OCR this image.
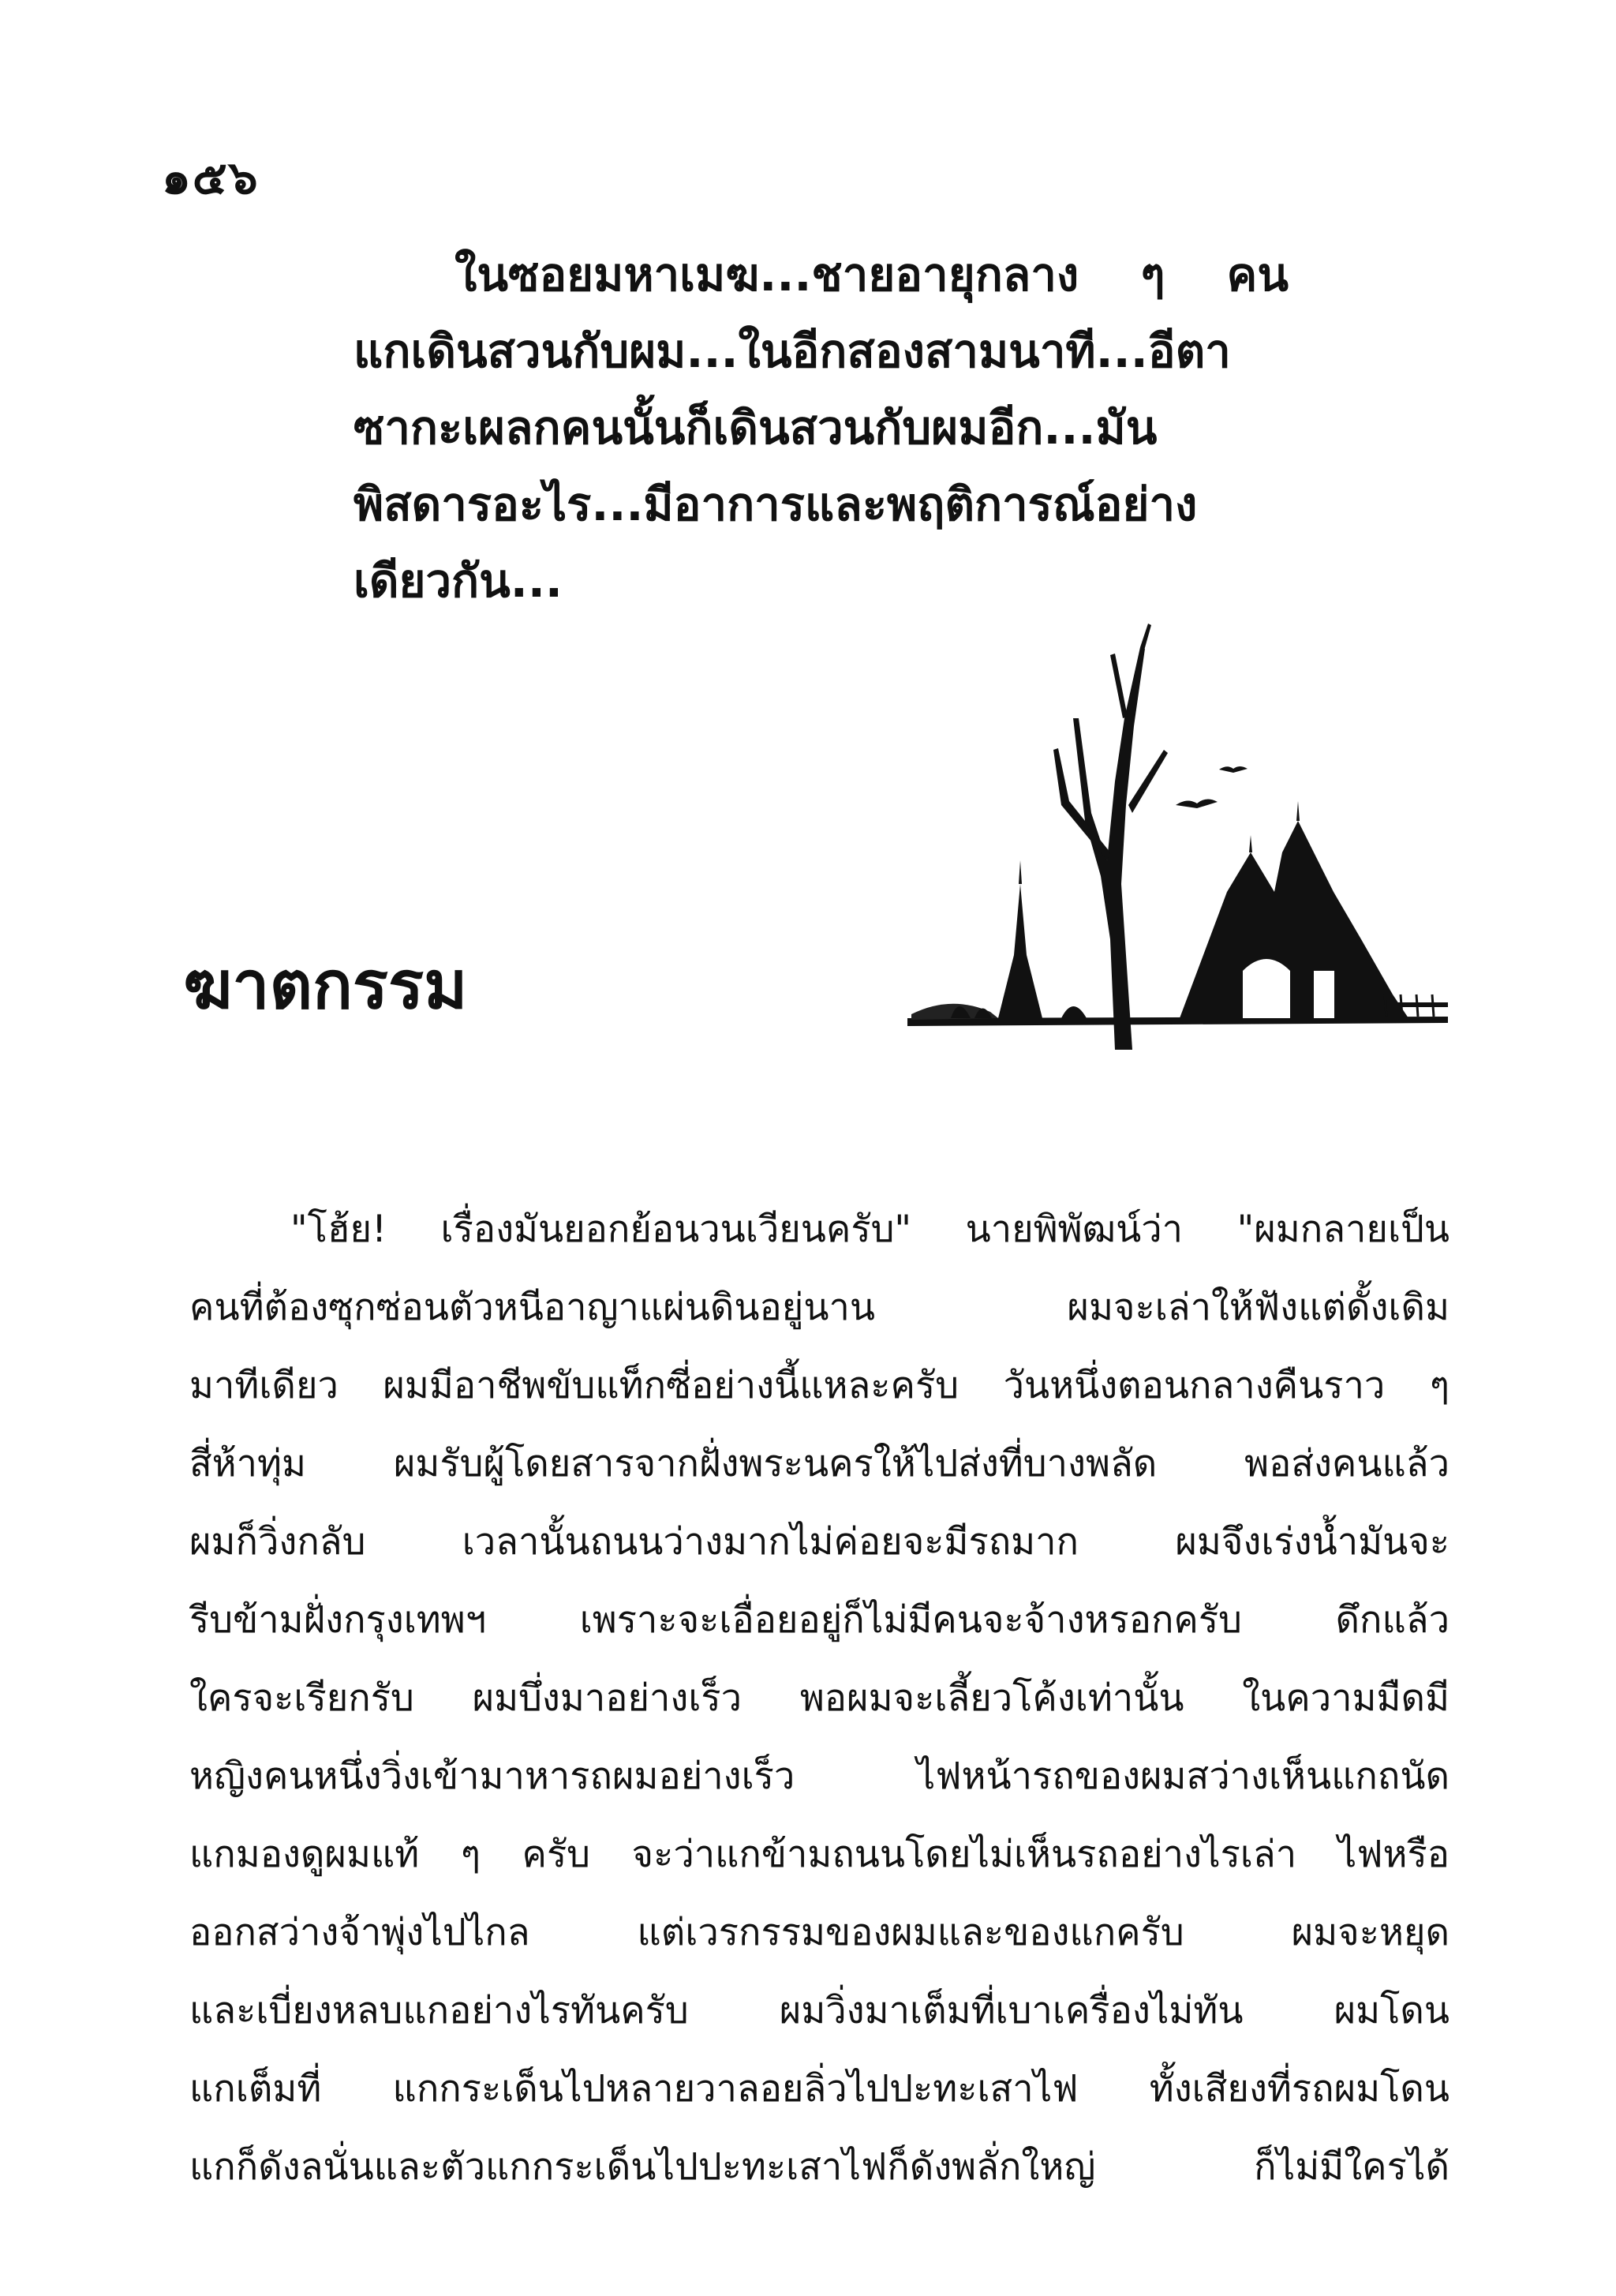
๑๕๖
ในซอยมหาเมฆ...ชายอายุกลาง ๆ คน
แกเดินสวนกับผม...ในอีกสองสามนาที...อีตา
ซากะเผลกคนนั้นก็เดินสวนกับผมอีก...มัน
พิสดารอะไร...มีอาการและพฤติการณ์อย่าง
เดียวกัน...
ฆาตกรรม
"โฮ้ย! เรื่องมันยอกย้อนวนเวียนครับ" นายพิพัฒน์ว่า "ผมกลายเป็น
คนที่ต้องซุกซ่อนตัวหนีอาญาแผ่นดินอยู่นาน ผมจะเล่าให้ฟังแต่ดั้งเดิม
มาทีเดียว ผมมีอาชีพขับแท็กซี่อย่างนี้แหละครับ วันหนึ่งตอนกลางคืนราว ๆ
สี่ห้าทุ่ม ผมรับผู้โดยสารจากฝั่งพระนครให้ไปส่งที่บางพลัด พอส่งคนแล้ว
ผมก็วิ่งกลับ เวลานั้นถนนว่างมากไม่ค่อยจะมีรถมาก ผมจึงเร่งน้ำมันจะ
รีบข้ามฝั่งกรุงเทพฯ เพราะจะเอื่อยอยู่ก็ไม่มีคนจะจ้างหรอกครับ ดึกแล้ว
ใครจะเรียกรับ ผมบึ่งมาอย่างเร็ว พอผมจะเลี้ยวโค้งเท่านั้น ในความมืดมี
หญิงคนหนึ่งวิ่งเข้ามาหารถผมอย่างเร็ว ไฟหน้ารถของผมสว่างเห็นแกถนัด
แกมองดูผมแท้ ๆ ครับ จะว่าแกข้ามถนนโดยไม่เห็นรถอย่างไรเล่า ไฟหรือ
ออกสว่างจ้าพุ่งไปไกล แต่เวรกรรมของผมและของแกครับ ผมจะหยุด
และเบี่ยงหลบแกอย่างไรทันครับ ผมวิ่งมาเต็มที่เบาเครื่องไม่ทัน ผมโดน
แกเต็มที่ แกกระเด็นไปหลายวาลอยลิ่วไปปะทะเสาไฟ ทั้งเสียงที่รถผมโดน
แกก็ดังลนั่นและตัวแกกระเด็นไปปะทะเสาไฟก็ดังพลั่กใหญ่ ก็ไม่มีใครได้
